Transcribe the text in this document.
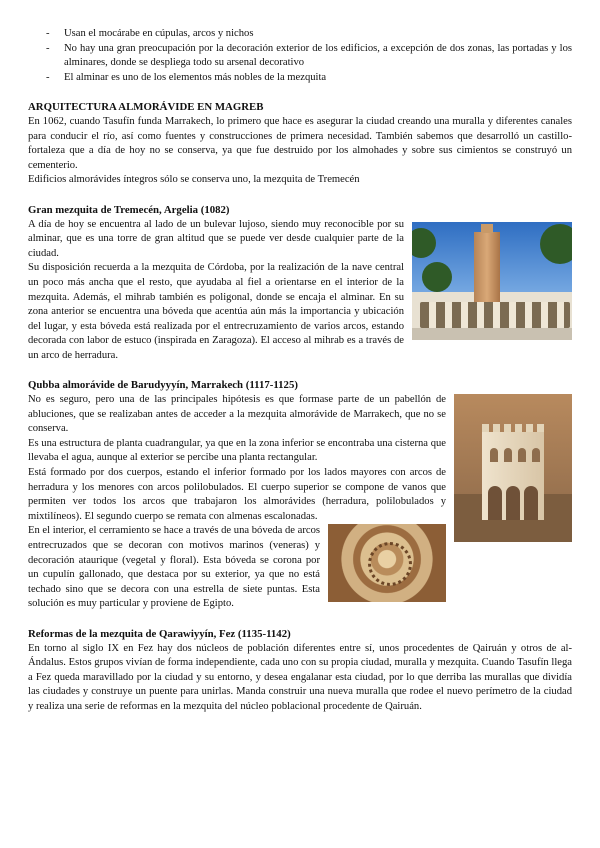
- Usan el mocárabe en cúpulas, arcos y nichos
- No hay una gran preocupación por la decoración exterior de los edificios, a excepción de dos zonas, las portadas y los alminares, donde se despliega todo su arsenal decorativo
- El alminar es uno de los elementos más nobles de la mezquita
ARQUITECTURA ALMORÁVIDE EN MAGREB

En 1062, cuando Tasufín funda Marrakech, lo primero que hace es asegurar la ciudad creando una muralla y diferentes canales para conducir el río, así como fuentes y construcciones de primera necesidad. También sabemos que desarrolló un castillo-fortaleza que a día de hoy no se conserva, ya que fue destruido por los almohades y sobre sus cimientos se construyó un cementerio.

Edificios almorávides íntegros sólo se conserva uno, la mezquita de Tremecén

Gran mezquita de Tremecén, Argelia (1082)

A día de hoy se encuentra al lado de un bulevar lujoso, siendo muy reconocible por su alminar, que es una torre de gran altitud que se puede ver desde cualquier parte de la ciudad.

Su disposición recuerda a la mezquita de Córdoba, por la realización de la nave central un poco más ancha que el resto, que ayudaba al fiel a orientarse en el interior de la mezquita. Además, el mihrab también es poligonal, donde se encaja el alminar. En su zona anterior se encuentra una bóveda que acentúa aún más la importancia y ubicación del lugar, y esta bóveda está realizada por el entrecruzamiento de varios arcos, estando decorada con labor de estuco (inspirada en Zaragoza). El acceso al mihrab es a través de un arco de herradura.

Qubba almorávide de Barudyyyín, Marrakech (1117-1125)

No es seguro, pero una de las principales hipótesis es que formase parte de un pabellón de abluciones, que se realizaban antes de acceder a la mezquita almorávide de Marrakech, que no se conserva.

Es una estructura de planta cuadrangular, ya que en la zona inferior se encontraba una cisterna que llevaba el agua, aunque al exterior se percibe una planta rectangular.

Está formado por dos cuerpos, estando el inferior formado por los lados mayores con arcos de herradura y los menores con arcos polilobulados. El cuerpo superior se compone de vanos que permiten ver todos los arcos que trabajaron los almorávides (herradura, polilobulados y mixtilíneos). El segundo cuerpo se remata con almenas escalonadas.

En el interior, el cerramiento se hace a través de una bóveda de arcos entrecruzados que se decoran con motivos marinos (veneras) y decoración ataurique (vegetal y floral). Esta bóveda se corona por un cupulín gallonado, que destaca por su exterior, ya que no está techado sino que se decora con una estrella de siete puntas. Esta solución es muy particular y proviene de Egipto.

Reformas de la mezquita de Qarawiyyín, Fez (1135-1142)

En torno al siglo IX en Fez hay dos núcleos de población diferentes entre sí, unos procedentes de Qairuán y otros de al-Ándalus. Estos grupos vivían de forma independiente, cada uno con su propia ciudad, muralla y mezquita. Cuando Tasufín llega a Fez queda maravillado por la ciudad y su entorno, y desea engalanar esta ciudad, por lo que derriba las murallas que dividía las ciudades y construye un puente para unirlas. Manda construir una nueva muralla que rodee el nuevo perímetro de la ciudad y realiza una serie de reformas en la mezquita del núcleo poblacional procedente de Qairuán.
